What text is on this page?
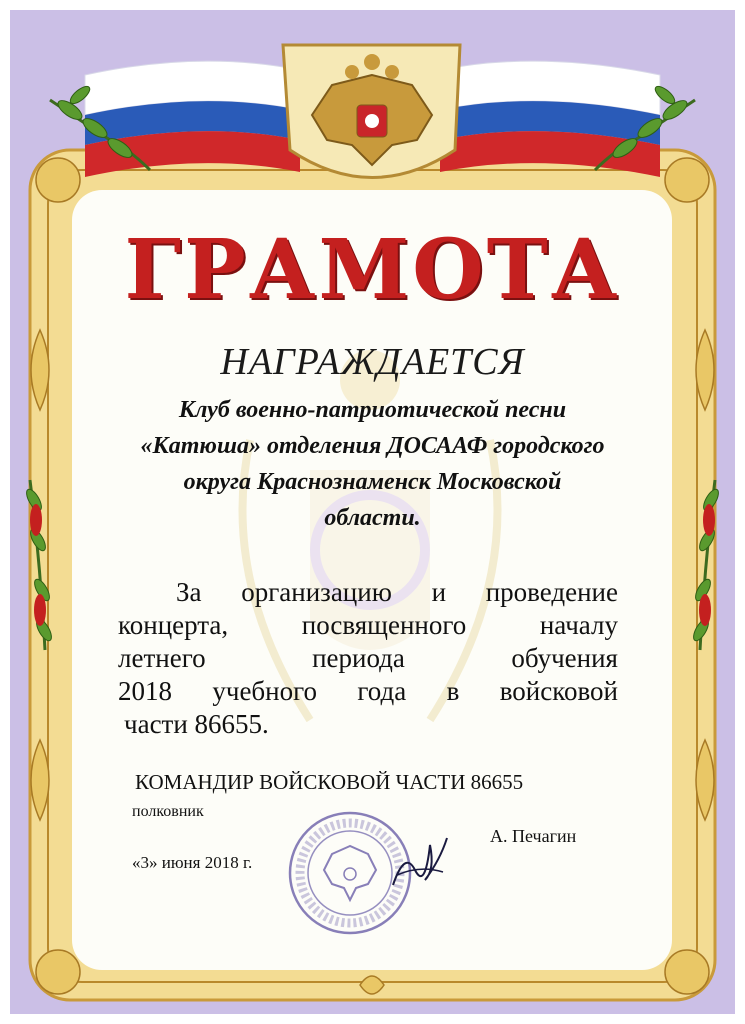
ГРАМОТА
НАГРАЖДАЕТСЯ
Клуб военно-патриотической песни
«Катюша» отделения ДОСААФ городского
округа Краснознаменск Московской
области.
За организацию и проведение
концерта,	посвященного	началу
летнего	периода	обучения
2018 учебного года в войсковой
части 86655.
КОМАНДИР ВОЙСКОВОЙ ЧАСТИ 86655
полковник
А. Печагин
«3» июня 2018 г.
